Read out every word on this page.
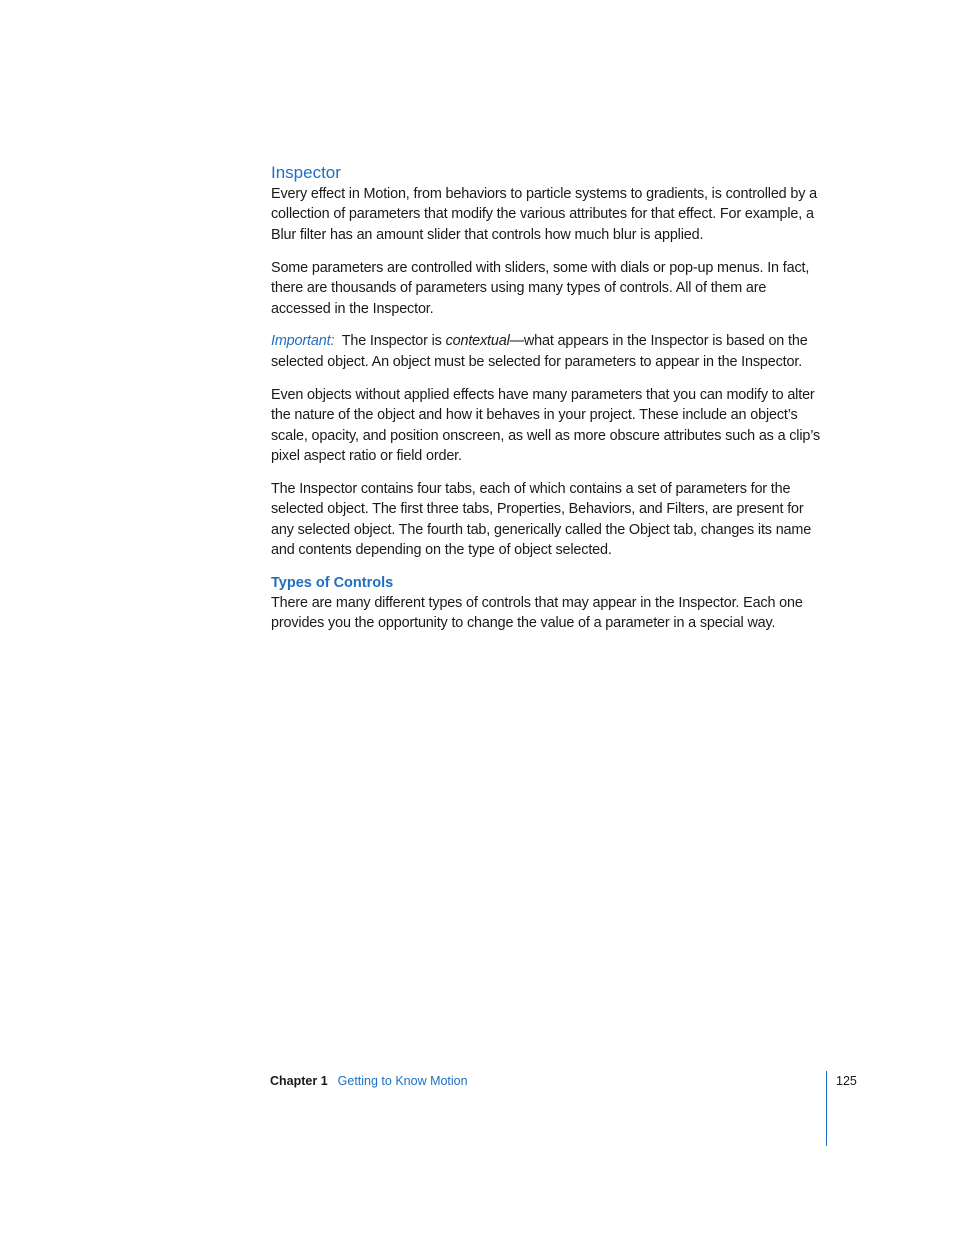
Inspector

Every effect in Motion, from behaviors to particle systems to gradients, is controlled by a collection of parameters that modify the various attributes for that effect. For example, a Blur filter has an amount slider that controls how much blur is applied.

Some parameters are controlled with sliders, some with dials or pop-up menus. In fact, there are thousands of parameters using many types of controls. All of them are accessed in the Inspector.

Important: The Inspector is contextual—what appears in the Inspector is based on the selected object. An object must be selected for parameters to appear in the Inspector.

Even objects without applied effects have many parameters that you can modify to alter the nature of the object and how it behaves in your project. These include an object’s scale, opacity, and position onscreen, as well as more obscure attributes such as a clip’s pixel aspect ratio or field order.

The Inspector contains four tabs, each of which contains a set of parameters for the selected object. The first three tabs, Properties, Behaviors, and Filters, are present for any selected object. The fourth tab, generically called the Object tab, changes its name and contents depending on the type of object selected.

Types of Controls

There are many different types of controls that may appear in the Inspector. Each one provides you the opportunity to change the value of a parameter in a special way.

Chapter 1 Getting to Know Motion	125
